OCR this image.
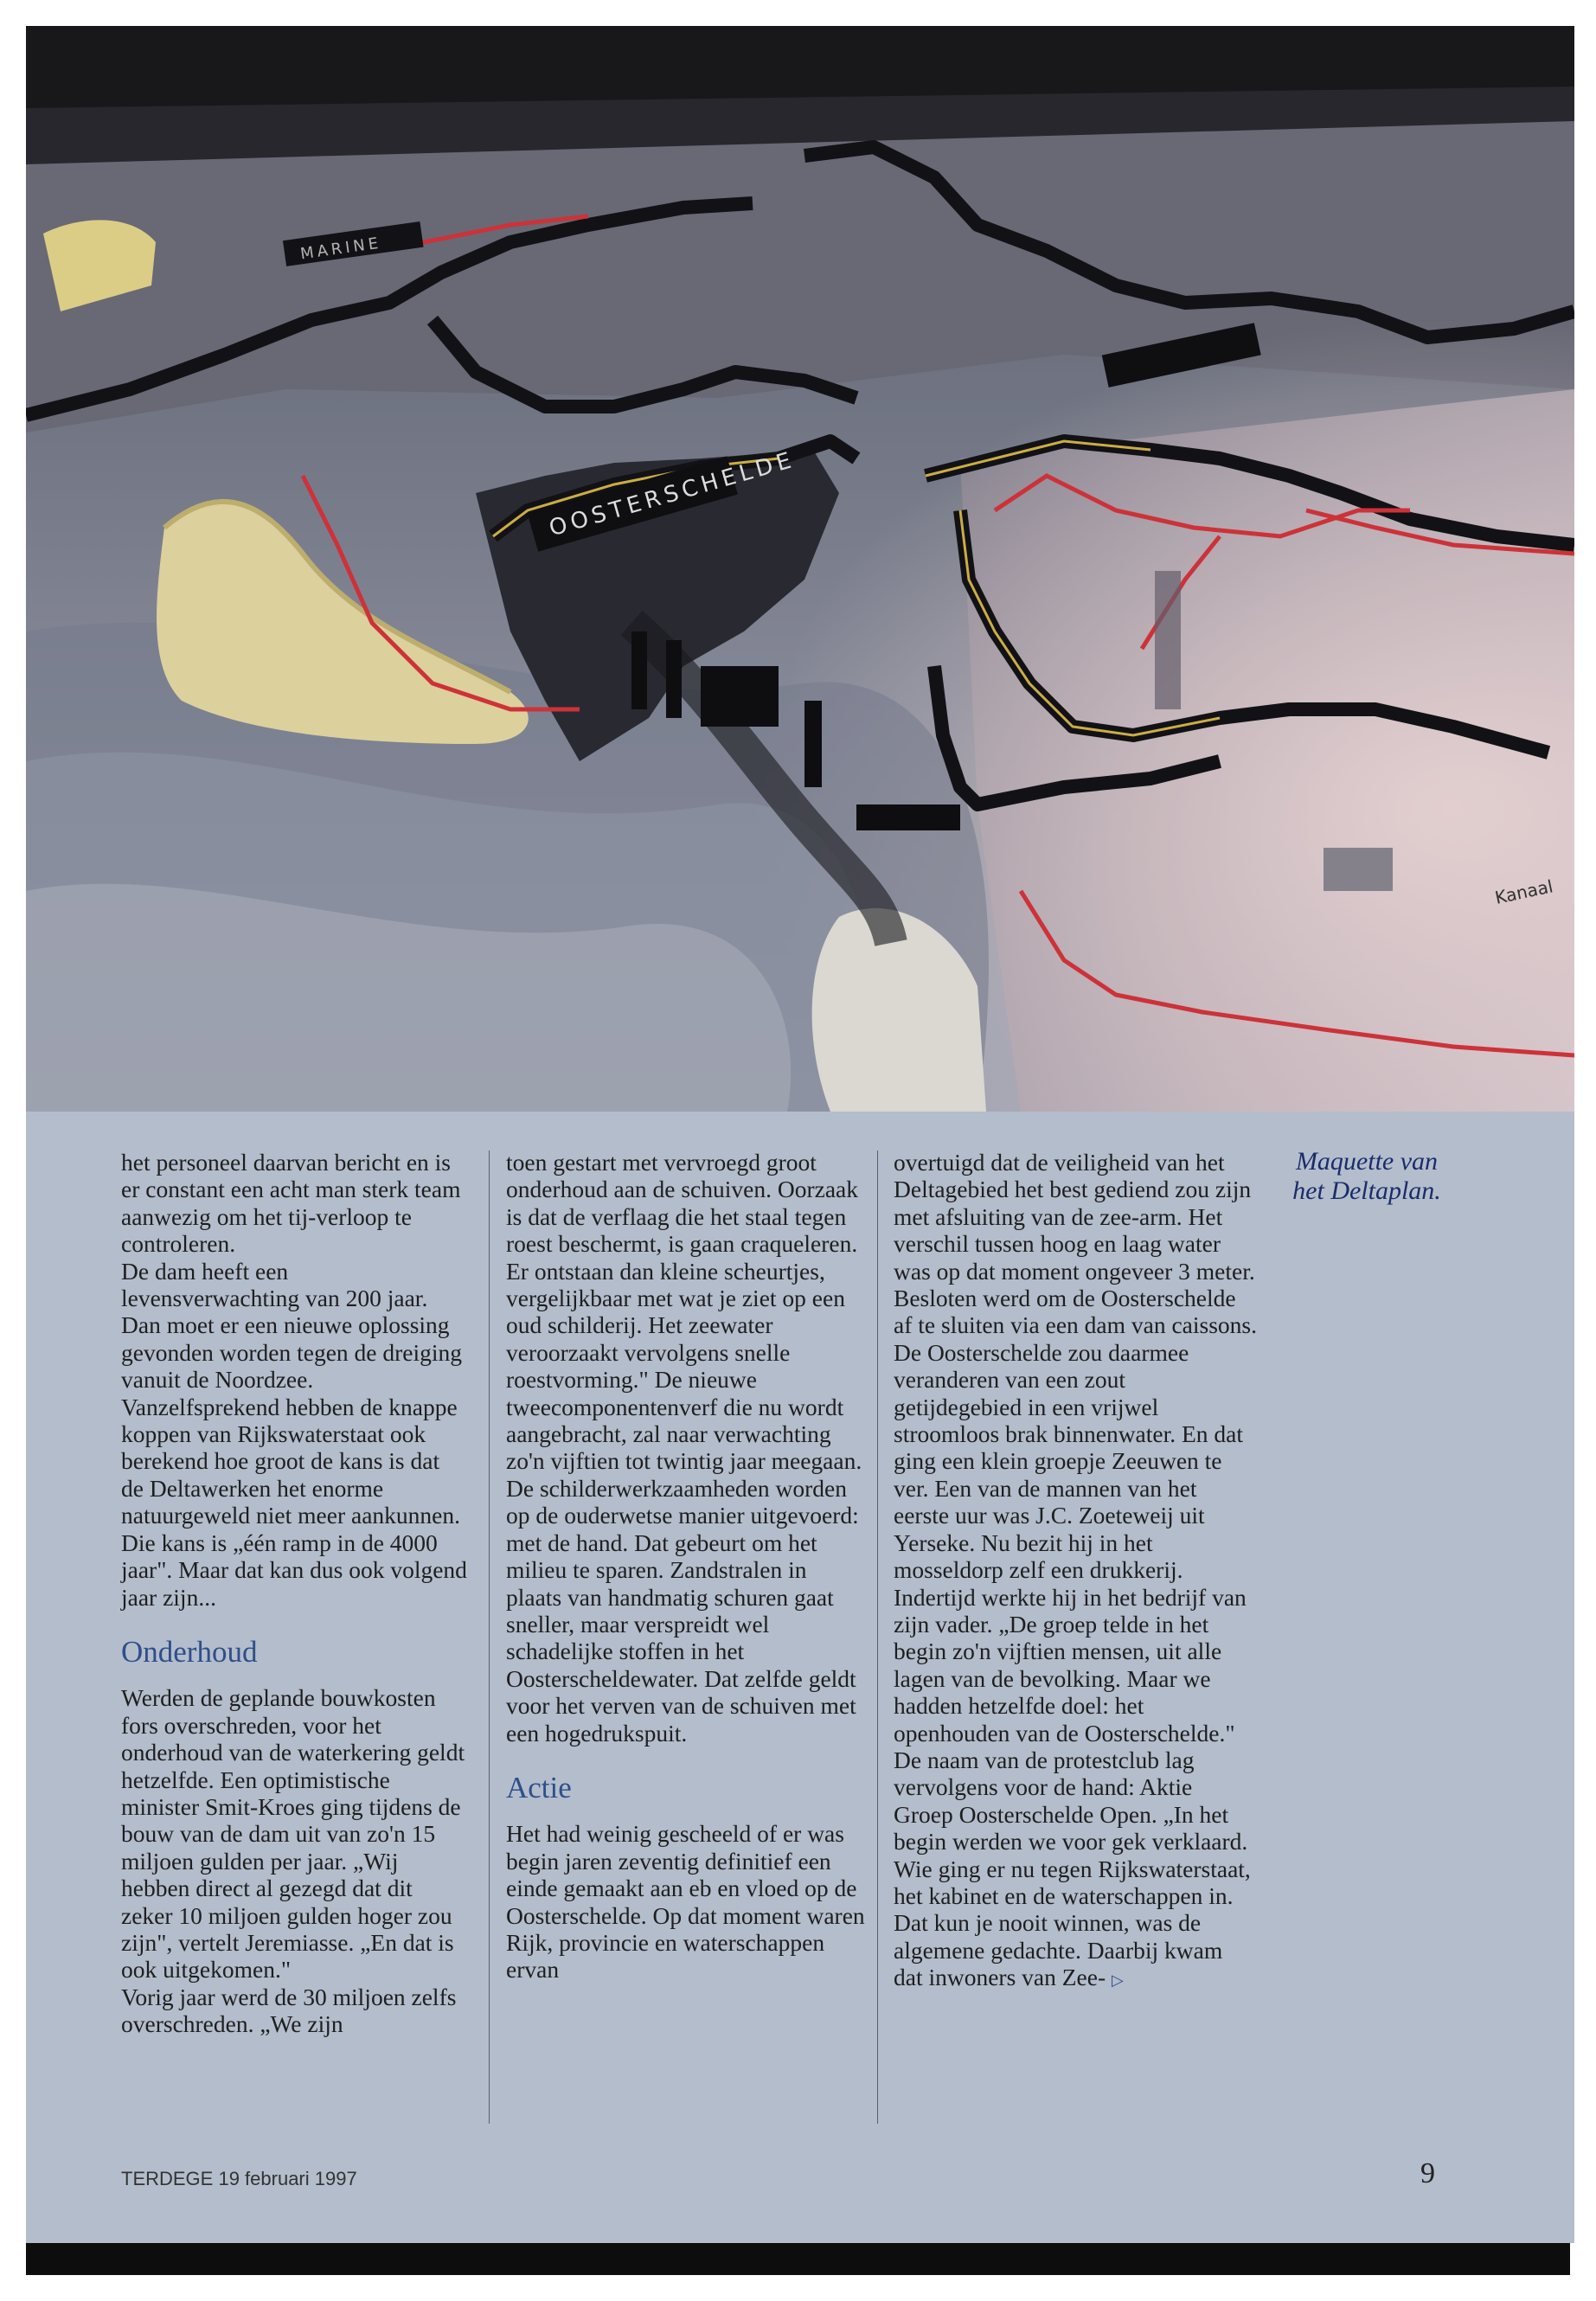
OOSTERSCHELDE
Kanaal
MARINE

het personeel daarvan bericht en is er constant een acht man sterk team aanwezig om het tij-verloop te controleren.

De dam heeft een levensverwachting van 200 jaar. Dan moet er een nieuwe oplossing gevonden worden tegen de dreiging vanuit de Noordzee. Vanzelfsprekend hebben de knappe koppen van Rijkswaterstaat ook berekend hoe groot de kans is dat de Deltawerken het enorme natuurgeweld niet meer aankunnen. Die kans is „één ramp in de 4000 jaar". Maar dat kan dus ook volgend jaar zijn...

Onderhoud

Werden de geplande bouwkosten fors overschreden, voor het onderhoud van de waterkering geldt hetzelfde. Een optimistische minister Smit-Kroes ging tijdens de bouw van de dam uit van zo'n 15 miljoen gulden per jaar. „Wij hebben direct al gezegd dat dit zeker 10 miljoen gulden hoger zou zijn", vertelt Jeremiasse. „En dat is ook uitgekomen."

Vorig jaar werd de 30 miljoen zelfs overschreden. „We zijn

toen gestart met vervroegd groot onderhoud aan de schuiven. Oorzaak is dat de verflaag die het staal tegen roest beschermt, is gaan craqueleren. Er ontstaan dan kleine scheurtjes, vergelijkbaar met wat je ziet op een oud schilderij. Het zeewater veroorzaakt vervolgens snelle roestvorming." De nieuwe tweecomponentenverf die nu wordt aangebracht, zal naar verwachting zo'n vijftien tot twintig jaar meegaan.

De schilderwerkzaamheden worden op de ouderwetse manier uitgevoerd: met de hand. Dat gebeurt om het milieu te sparen. Zandstralen in plaats van handmatig schuren gaat sneller, maar verspreidt wel schadelijke stoffen in het Oosterscheldewater. Dat zelfde geldt voor het verven van de schuiven met een hogedrukspuit.

Actie

Het had weinig gescheeld of er was begin jaren zeventig definitief een einde gemaakt aan eb en vloed op de Oosterschelde. Op dat moment waren Rijk, provincie en waterschappen ervan

overtuigd dat de veiligheid van het Deltagebied het best gediend zou zijn met afsluiting van de zee-arm. Het verschil tussen hoog en laag water was op dat moment ongeveer 3 meter. Besloten werd om de Oosterschelde af te sluiten via een dam van caissons. De Oosterschelde zou daarmee veranderen van een zout getijdegebied in een vrijwel stroomloos brak binnenwater. En dat ging een klein groepje Zeeuwen te ver. Een van de mannen van het eerste uur was J.C. Zoeteweij uit Yerseke. Nu bezit hij in het mosseldorp zelf een drukkerij. Indertijd werkte hij in het bedrijf van zijn vader. „De groep telde in het begin zo'n vijftien mensen, uit alle lagen van de bevolking. Maar we hadden hetzelfde doel: het openhouden van de Oosterschelde." De naam van de protestclub lag vervolgens voor de hand: Aktie Groep Oosterschelde Open. „In het begin werden we voor gek verklaard. Wie ging er nu tegen Rijkswaterstaat, het kabinet en de waterschappen in. Dat kun je nooit winnen, was de algemene gedachte. Daarbij kwam dat inwoners van Zee- ▷

Maquette van
het Deltaplan.

TERDEGE 19 februari 1997	9
